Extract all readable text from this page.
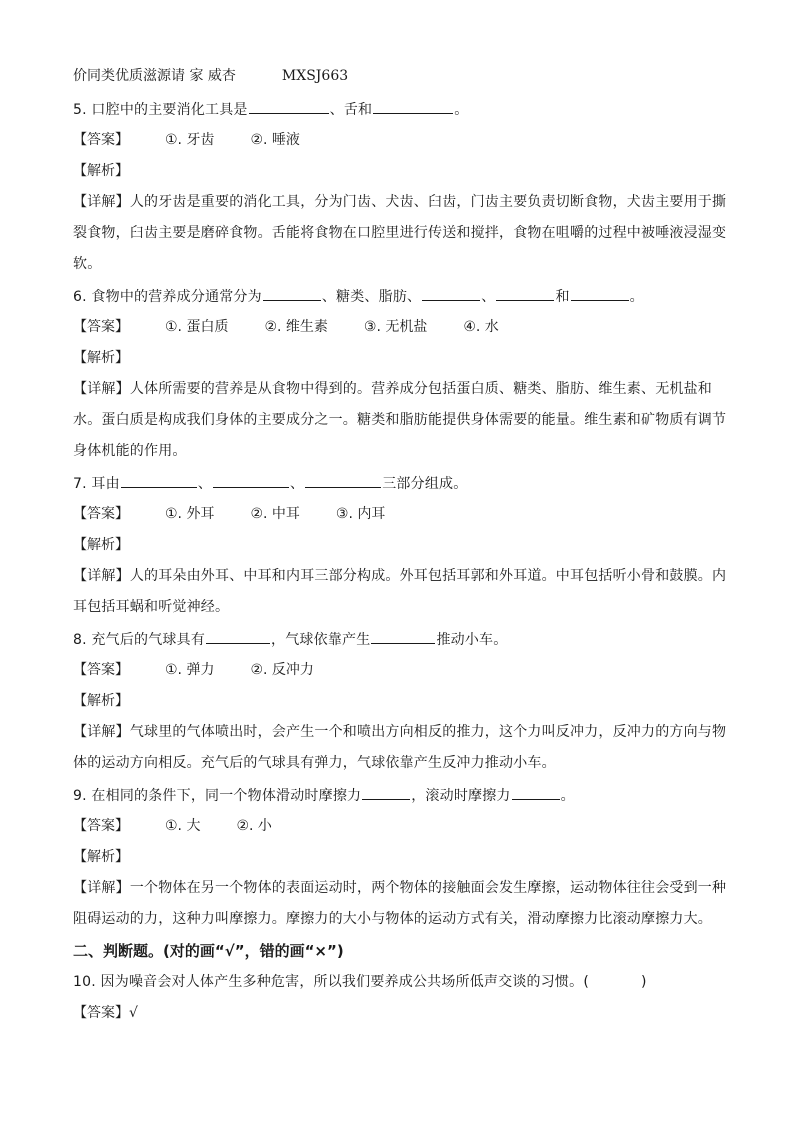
价同类优质滋源请 家 威杏	MXSJ663
5. 口腔中的主要消化工具是	、舌和	。
【答案】	①. 牙齿	②. 唾液
【解析】
【详解】人的牙齿是重要的消化工具，分为门齿、犬齿、臼齿，门齿主要负责切断食物，犬齿主要用于撕
裂食物，臼齿主要是磨碎食物。舌能将食物在口腔里进行传送和搅拌，食物在咀嚼的过程中被唾液浸湿变
软。
6. 食物中的营养成分通常分为	、糖类、脂肪、	、	和	。
【答案】	①. 蛋白质	②. 维生素	③. 无机盐	④. 水
【解析】
【详解】人体所需要的营养是从食物中得到的。营养成分包括蛋白质、糖类、脂肪、维生素、无机盐和
水。蛋白质是构成我们身体的主要成分之一。糖类和脂肪能提供身体需要的能量。维生素和矿物质有调节
身体机能的作用。
7. 耳由	、	、	三部分组成。
【答案】	①. 外耳	②. 中耳	③. 内耳
【解析】
【详解】人的耳朵由外耳、中耳和内耳三部分构成。外耳包括耳郭和外耳道。中耳包括听小骨和鼓膜。内
耳包括耳蜗和听觉神经。
8. 充气后的气球具有	，气球依靠产生	推动小车。
【答案】	①. 弹力	②. 反冲力
【解析】
【详解】气球里的气体喷出时，会产生一个和喷出方向相反的推力，这个力叫反冲力，反冲力的方向与物
体的运动方向相反。充气后的气球具有弹力，气球依靠产生反冲力推动小车。
9. 在相同的条件下，同一个物体滑动时摩擦力	，滚动时摩擦力	。
【答案】	①. 大	②. 小
【解析】
【详解】一个物体在另一个物体的表面运动时，两个物体的接触面会发生摩擦，运动物体往往会受到一种
阻碍运动的力，这种力叫摩擦力。摩擦力的大小与物体的运动方式有关，滑动摩擦力比滚动摩擦力大。
二、判断题。(对的画“√”，错的画“×”)
10. 因为噪音会对人体产生多种危害，所以我们要养成公共场所低声交谈的习惯。(	)
【答案】√
